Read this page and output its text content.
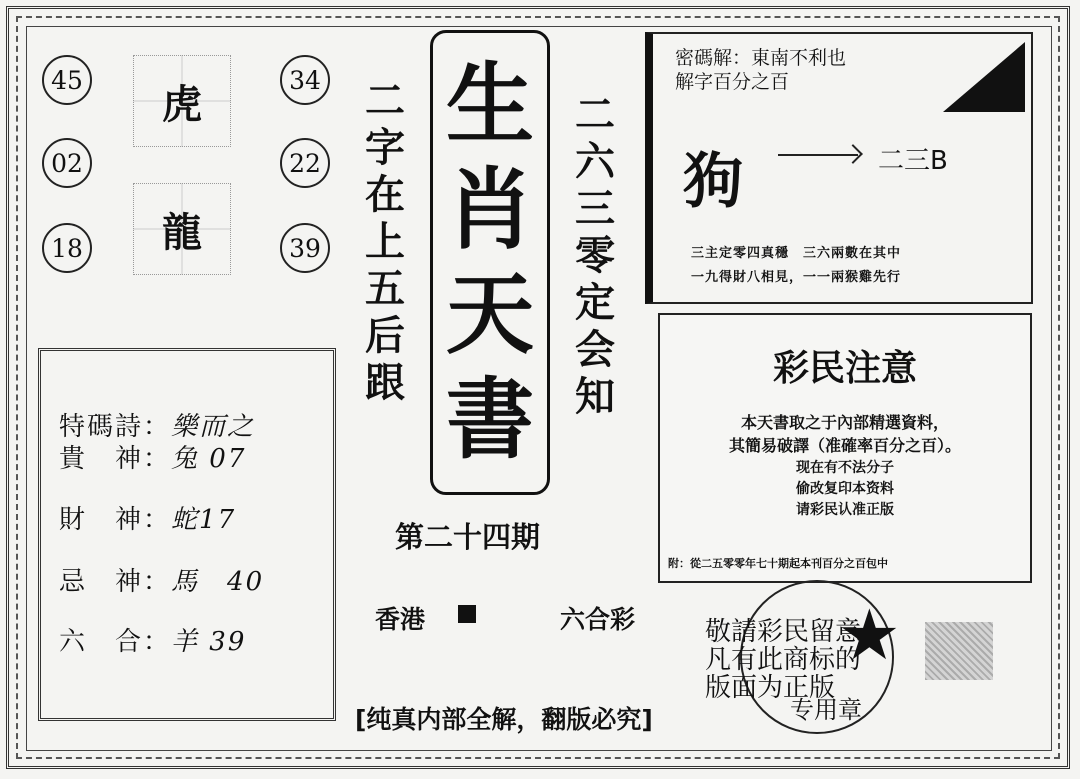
45
02
18
34
22
39
虎
龍
二
字
在
上
五
后
跟
生
肖
天
書
二
六
三
零
定
会
知
第二十四期
香港	六合彩
特碼詩：樂而之
貴　神：兔 07
財　神：蛇17
忌　神：馬　40
六　合：羊 39
密碼解：東南不利也
解字百分之百
狗	二三B
三主定零四真穩　三六兩數在其中
一九得財八相見，一一兩猴雞先行
彩民注意
本天書取之于內部精選資料，
其簡易破譯（准確率百分之百）。
现在有不法分子
偷改复印本资料
请彩民认准正版
附：從二五零零年七十期起本刊百分之百包中
★
敬請彩民留意
凡有此商标的
版面为正版
专用章
[纯真内部全解，翻版必究]
